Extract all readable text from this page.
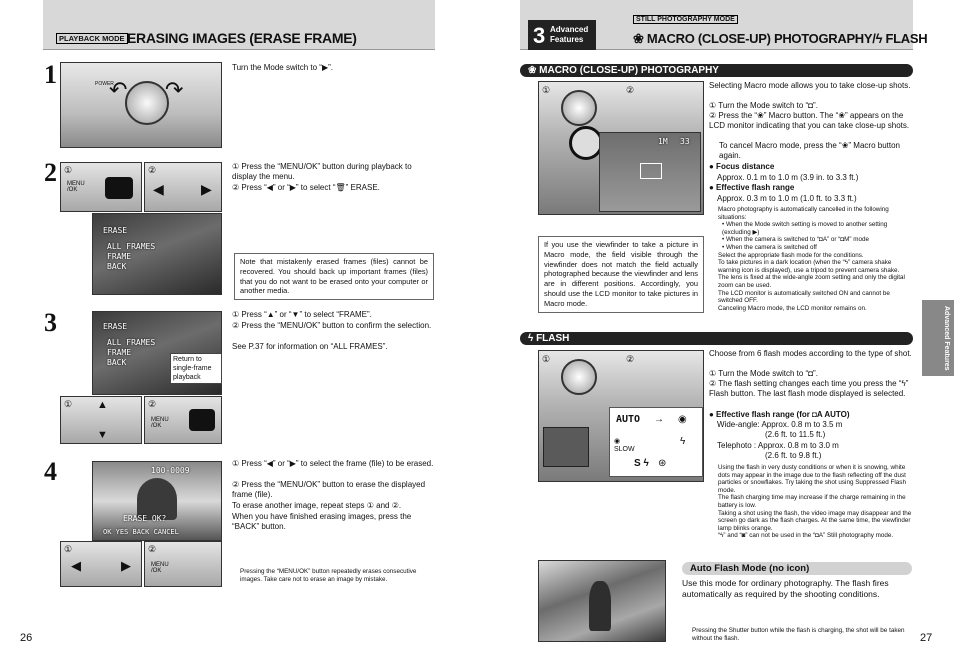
PLAYBACK MODE ERASING IMAGES (ERASE FRAME)
1	POWER
↶ ↷
Turn the Mode switch to “▶”.
2 ①
MENU
/OK
②
◀	▶
ERASE
ALL FRAMES
FRAME
BACK
① Press the “MENU/OK” button during playback to display the menu.
② Press “◀” or “▶” to select “🗑” ERASE.
Note that mistakenly erased frames (files) cannot be recovered. You should back up important frames (files) that you do not want to be erased onto your computer or another media.
3	ERASE
ALL FRAMES
FRAME
BACK	Return to single-frame playback
① ▲
▼
②
MENU
/OK
① Press “▲” or “▼” to select “FRAME”.
② Press the “MENU/OK” button to confirm the selection.
See P.37 for information on “ALL FRAMES”.
4	100-0009
ERASE OK?
OK YES BACK CANCEL
①
◀	▶
②
MENU
/OK
① Press “◀” or “▶” to select the frame (file) to be erased.
② Press the “MENU/OK” button to erase the displayed frame (file).
To erase another image, repeat steps ① and ②.
When you have finished erasing images, press the “BACK” button.
Pressing the “MENU/OK” button repeatedly erases consecutive images. Take care not to erase an image by mistake.
26
3 Advanced Features
STILL PHOTOGRAPHY MODE
❀ MACRO (CLOSE-UP) PHOTOGRAPHY/ϟ FLASH
❀ MACRO (CLOSE-UP) PHOTOGRAPHY
①	②
1M 33
If you use the viewfinder to take a picture in Macro mode, the field visible through the viewfinder does not match the field actually photographed because the viewfinder and lens are in different positions. Accordingly, you should use the LCD monitor to take pictures in Macro mode.
Selecting Macro mode allows you to take close-up shots.
① Turn the Mode switch to “◘”.
② Press the “❀” Macro button. The “❀” appears on the LCD monitor indicating that you can take close-up shots.
To cancel Macro mode, press the “❀” Macro button again.
● Focus distance
Approx. 0.1 m to 1.0 m (3.9 in. to 3.3 ft.)
● Effective flash range
Approx. 0.3 m to 1.0 m (1.0 ft. to 3.3 ft.)
Macro photography is automatically cancelled in the following situations:
• When the Mode switch setting is moved to another setting (excluding ▶)
• When the camera is switched to “◘A” or “◘M” mode
• When the camera is switched off
Select the appropriate flash mode for the conditions.
To take pictures in a dark location (when the “ϟ” camera shake warning icon is displayed), use a tripod to prevent camera shake.
The lens is fixed at the wide-angle zoom setting and only the digital zoom can be used.
The LCD monitor is automatically switched ON and cannot be switched OFF.
Canceling Macro mode, the LCD monitor remains on.
ϟ FLASH
①	②
AUTO → ◉
ϟ
◉ SLOW
S ϟ ⊛
Choose from 6 flash modes according to the type of shot.
① Turn the Mode switch to “◘”.
② The flash setting changes each time you press the “ϟ” Flash button. The last flash mode displayed is selected.
● Effective flash range (for ◘A AUTO)
Wide-angle: Approx. 0.8 m to 3.5 m
(2.6 ft. to 11.5 ft.)
Telephoto : Approx. 0.8 m to 3.0 m
(2.6 ft. to 9.8 ft.)
Using the flash in very dusty conditions or when it is snowing, white dots may appear in the image due to the flash reflecting off the dust particles or snowflakes. Try taking the shot using Suppressed Flash mode.
The flash charging time may increase if the charge remaining in the battery is low.
Taking a shot using the flash, the video image may disappear and the screen go dark as the flash charges. At the same time, the viewfinder lamp blinks orange.
“ϟ” and “◙” can not be used in the “◘A” Still photography mode.
Auto Flash Mode (no icon)
Use this mode for ordinary photography. The flash fires automatically as required by the shooting conditions.
Pressing the Shutter button while the flash is charging, the shot will be taken without the flash.	27
Advanced Features
